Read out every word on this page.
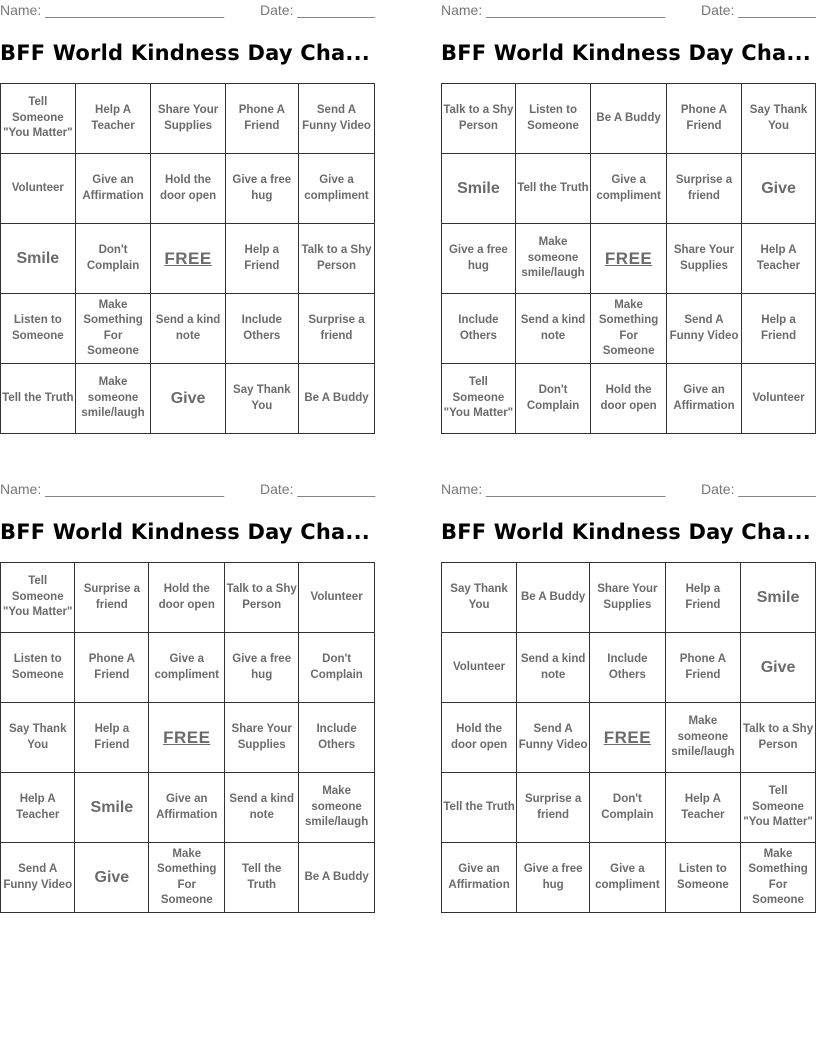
Name: _______________________	Date: __________
BFF World Kindness Day Cha...
Tell Someone "You Matter"	Help A Teacher	Share Your Supplies	Phone A Friend	Send A Funny Video
Volunteer	Give an Affirmation	Hold the door open	Give a free hug	Give a compliment
Smile	Don't Complain	FREE	Help a Friend	Talk to a Shy Person
Listen to Someone	Make Something For Someone	Send a kind note	Include Others	Surprise a friend
Tell the Truth	Make someone smile/laugh	Give	Say Thank You	Be A Buddy
Name: _______________________	Date: __________
BFF World Kindness Day Cha...
Talk to a Shy Person	Listen to Someone	Be A Buddy	Phone A Friend	Say Thank You
Smile	Tell the Truth	Give a compliment	Surprise a friend	Give
Give a free hug	Make someone smile/laugh	FREE	Share Your Supplies	Help A Teacher
Include Others	Send a kind note	Make Something For Someone	Send A Funny Video	Help a Friend
Tell Someone "You Matter"	Don't Complain	Hold the door open	Give an Affirmation	Volunteer
Name: _______________________	Date: __________
BFF World Kindness Day Cha...
Tell Someone "You Matter"	Surprise a friend	Hold the door open	Talk to a Shy Person	Volunteer
Listen to Someone	Phone A Friend	Give a compliment	Give a free hug	Don't Complain
Say Thank You	Help a Friend	FREE	Share Your Supplies	Include Others
Help A Teacher	Smile	Give an Affirmation	Send a kind note	Make someone smile/laugh
Send A Funny Video	Give	Make Something For Someone	Tell the Truth	Be A Buddy
Name: _______________________	Date: __________
BFF World Kindness Day Cha...
Say Thank You	Be A Buddy	Share Your Supplies	Help a Friend	Smile
Volunteer	Send a kind note	Include Others	Phone A Friend	Give
Hold the door open	Send A Funny Video	FREE	Make someone smile/laugh	Talk to a Shy Person
Tell the Truth	Surprise a friend	Don't Complain	Help A Teacher	Tell Someone "You Matter"
Give an Affirmation	Give a free hug	Give a compliment	Listen to Someone	Make Something For Someone
